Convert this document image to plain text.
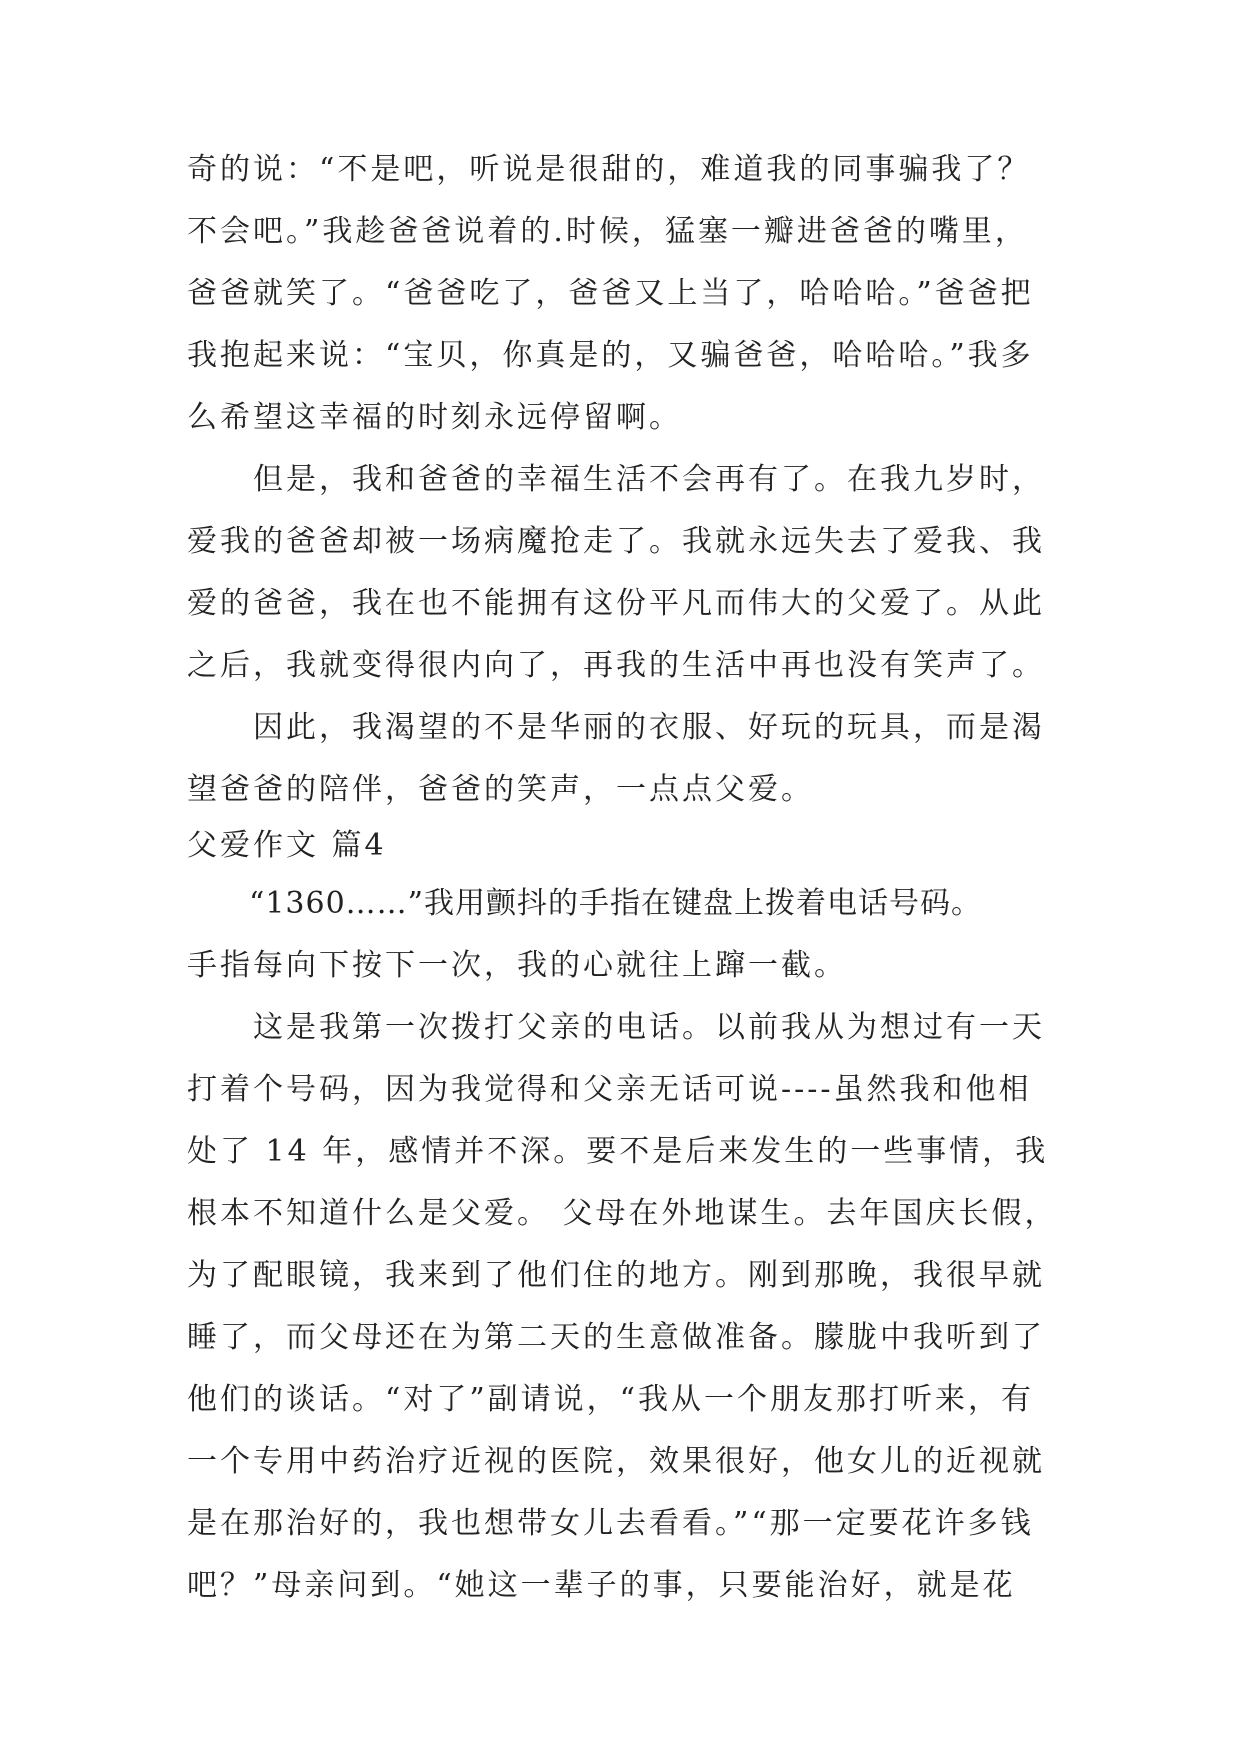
奇的说：“不是吧，听说是很甜的，难道我的同事骗我了？
不会吧。”我趁爸爸说着的.时候，猛塞一瓣进爸爸的嘴里，
爸爸就笑了。“爸爸吃了，爸爸又上当了，哈哈哈。”爸爸把
我抱起来说：“宝贝，你真是的，又骗爸爸，哈哈哈。”我多
么希望这幸福的时刻永远停留啊。
　　但是，我和爸爸的幸福生活不会再有了。在我九岁时，
爱我的爸爸却被一场病魔抢走了。我就永远失去了爱我、我
爱的爸爸，我在也不能拥有这份平凡而伟大的父爱了。从此
之后，我就变得很内向了，再我的生活中再也没有笑声了。
　　因此，我渴望的不是华丽的衣服、好玩的玩具，而是渴
望爸爸的陪伴，爸爸的笑声，一点点父爱。
父爱作文 篇4
　　“1360……”我用颤抖的手指在键盘上拨着电话号码。
手指每向下按下一次，我的心就往上蹿一截。
　　这是我第一次拨打父亲的电话。以前我从为想过有一天
打着个号码，因为我觉得和父亲无话可说----虽然我和他相
处了 14 年，感情并不深。要不是后来发生的一些事情，我
根本不知道什么是父爱。 父母在外地谋生。去年国庆长假，
为了配眼镜，我来到了他们住的地方。刚到那晚，我很早就
睡了，而父母还在为第二天的生意做准备。朦胧中我听到了
他们的谈话。“对了”副请说，“我从一个朋友那打听来，有
一个专用中药治疗近视的医院，效果很好，他女儿的近视就
是在那治好的，我也想带女儿去看看。”“那一定要花许多钱
吧？”母亲问到。“她这一辈子的事，只要能治好，就是花
